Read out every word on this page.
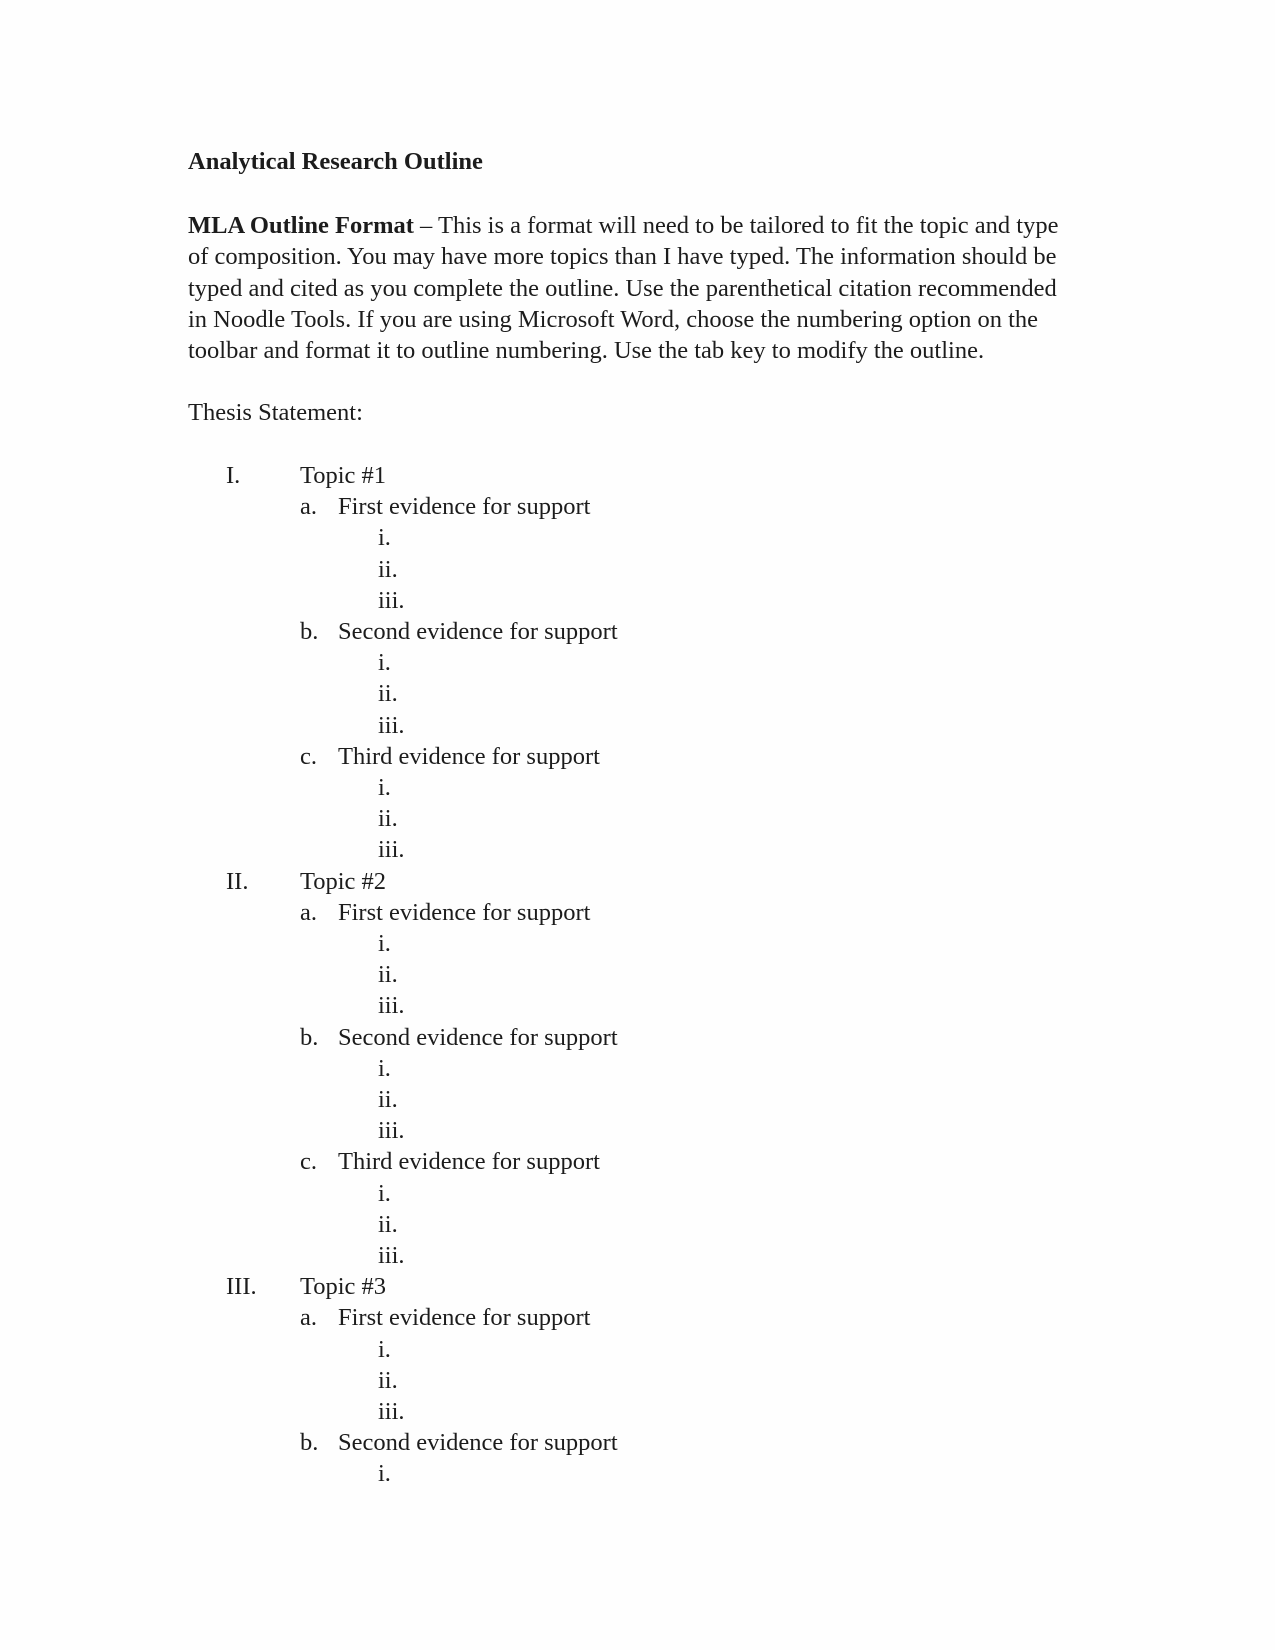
Analytical Research Outline
MLA Outline Format – This is a format will need to be tailored to fit the topic and type
of composition. You may have more topics than I have typed. The information should be
typed and cited as you complete the outline. Use the parenthetical citation recommended
in Noodle Tools. If you are using Microsoft Word, choose the numbering option on the
toolbar and format it to outline numbering. Use the tab key to modify the outline.
Thesis Statement:
I. Topic #1
a. First evidence for support
i.
ii.
iii.
b. Second evidence for support
i.
ii.
iii.
c. Third evidence for support
i.
ii.
iii.
II. Topic #2
a. First evidence for support
i.
ii.
iii.
b. Second evidence for support
i.
ii.
iii.
c. Third evidence for support
i.
ii.
iii.
III. Topic #3
a. First evidence for support
i.
ii.
iii.
b. Second evidence for support
i.
